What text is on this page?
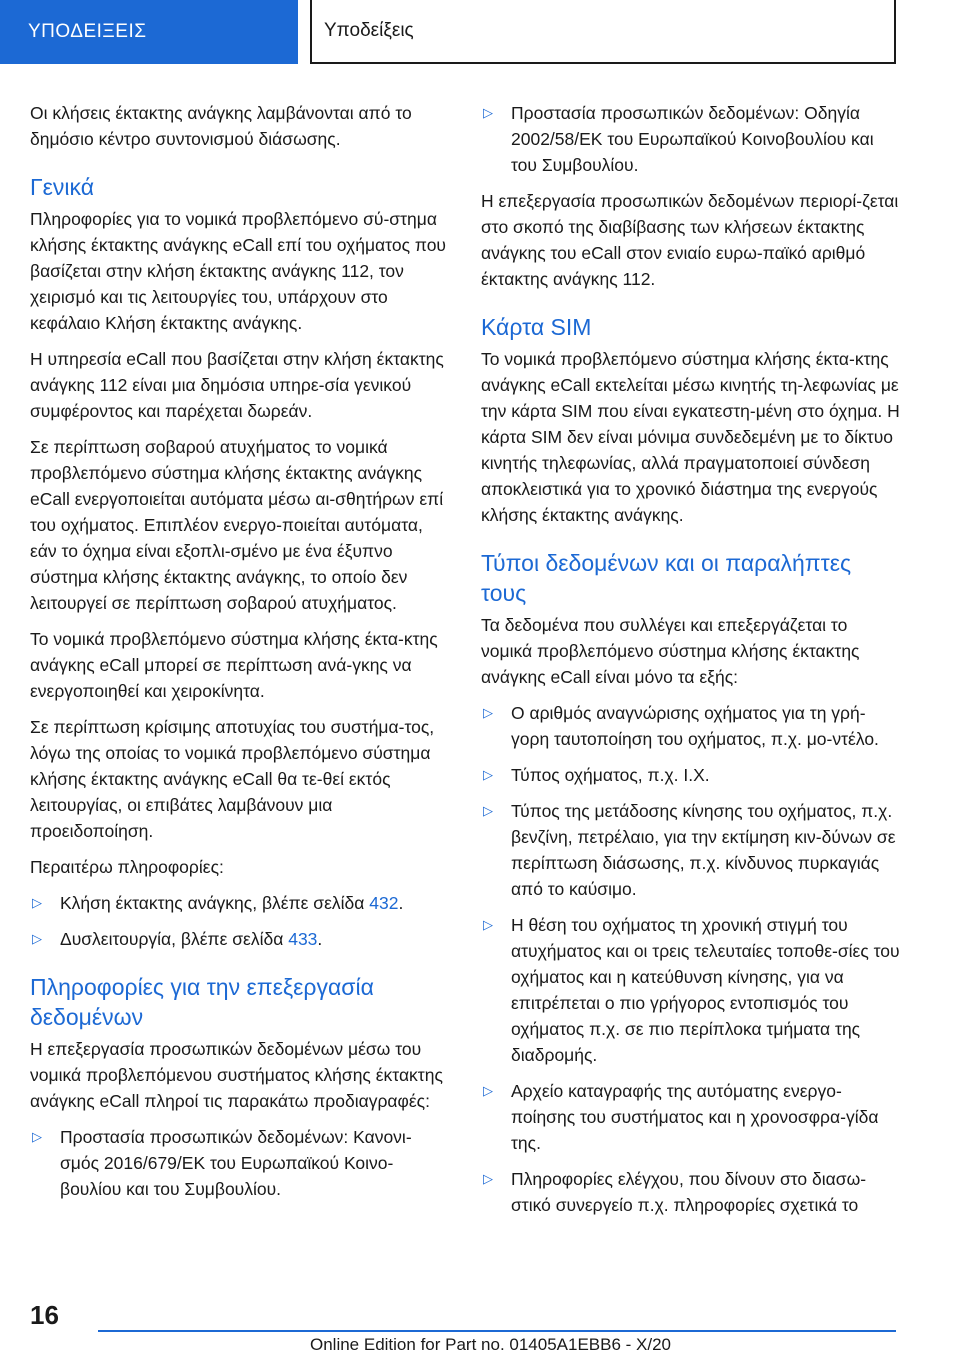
ΥΠΟΔΕΙΞΕΙΣ	Υποδείξεις

Οι κλήσεις έκτακτης ανάγκης λαμβάνονται από το δημόσιο κέντρο συντονισμού διάσωσης.

Γενικά

Πληροφορίες για το νομικά προβλεπόμενο σύ-στημα κλήσης έκτακτης ανάγκης eCall επί του οχήματος που βασίζεται στην κλήση έκτακτης ανάγκης 112, τον χειρισμό και τις λειτουργίες του, υπάρχουν στο κεφάλαιο Κλήση έκτακτης ανάγκης.

Η υπηρεσία eCall που βασίζεται στην κλήση έκτακτης ανάγκης 112 είναι μια δημόσια υπηρε-σία γενικού συμφέροντος και παρέχεται δωρεάν.

Σε περίπτωση σοβαρού ατυχήματος το νομικά προβλεπόμενο σύστημα κλήσης έκτακτης ανάγκης eCall ενεργοποιείται αυτόματα μέσω αι-σθητήρων επί του οχήματος. Επιπλέον ενεργο-ποιείται αυτόματα, εάν το όχημα είναι εξοπλι-σμένο με ένα έξυπνο σύστημα κλήσης έκτακτης ανάγκης, το οποίο δεν λειτουργεί σε περίπτωση σοβαρού ατυχήματος.

Το νομικά προβλεπόμενο σύστημα κλήσης έκτα-κτης ανάγκης eCall μπορεί σε περίπτωση ανά-γκης να ενεργοποιηθεί και χειροκίνητα.

Σε περίπτωση κρίσιμης αποτυχίας του συστήμα-τος, λόγω της οποίας το νομικά προβλεπόμενο σύστημα κλήσης έκτακτης ανάγκης eCall θα τε-θεί εκτός λειτουργίας, οι επιβάτες λαμβάνουν μια προειδοποίηση.

Περαιτέρω πληροφορίες:

▷ Κλήση έκτακτης ανάγκης, βλέπε σελίδα 432.
▷ Δυσλειτουργία, βλέπε σελίδα 433.
Πληροφορίες για την επεξεργασία δεδομένων

Η επεξεργασία προσωπικών δεδομένων μέσω του νομικά προβλεπόμενου συστήματος κλήσης έκτακτης ανάγκης eCall πληροί τις παρακάτω προδιαγραφές:

▷ Προστασία προσωπικών δεδομένων: Κανονι-σμός 2016/679/ΕΚ του Ευρωπαϊκού Κοινο-βουλίου και του Συμβουλίου.
▷ Προστασία προσωπικών δεδομένων: Οδηγία 2002/58/ΕΚ του Ευρωπαϊκού Κοινοβουλίου και του Συμβουλίου.

Η επεξεργασία προσωπικών δεδομένων περιορί-ζεται στο σκοπό της διαβίβασης των κλήσεων έκτακτης ανάγκης του eCall στον ενιαίο ευρω-παϊκό αριθμό έκτακτης ανάγκης 112.

Κάρτα SIM

Το νομικά προβλεπόμενο σύστημα κλήσης έκτα-κτης ανάγκης eCall εκτελείται μέσω κινητής τη-λεφωνίας με την κάρτα SIM που είναι εγκατεστη-μένη στο όχημα. Η κάρτα SIM δεν είναι μόνιμα συνδεδεμένη με το δίκτυο κινητής τηλεφωνίας, αλλά πραγματοποιεί σύνδεση αποκλειστικά για το χρονικό διάστημα της ενεργούς κλήσης έκτακτης ανάγκης.

Τύποι δεδομένων και οι παραλήπτες τους

Τα δεδομένα που συλλέγει και επεξεργάζεται το νομικά προβλεπόμενο σύστημα κλήσης έκτακτης ανάγκης eCall είναι μόνο τα εξής:

▷ Ο αριθμός αναγνώρισης οχήματος για τη γρή-γορη ταυτοποίηση του οχήματος, π.χ. μο-ντέλο.
▷ Τύπος οχήματος, π.χ. Ι.Χ.
▷ Τύπος της μετάδοσης κίνησης του οχήματος, π.χ. βενζίνη, πετρέλαιο, για την εκτίμηση κιν-δύνων σε περίπτωση διάσωσης, π.χ. κίνδυνος πυρκαγιάς από το καύσιμο.
▷ Η θέση του οχήματος τη χρονική στιγμή του ατυχήματος και οι τρεις τελευταίες τοποθε-σίες του οχήματος και η κατεύθυνση κίνησης, για να επιτρέπεται ο πιο γρήγορος εντοπισμός του οχήματος π.χ. σε πιο περίπλοκα τμήματα της διαδρομής.
▷ Αρχείο καταγραφής της αυτόματης ενεργο-ποίησης του συστήματος και η χρονοσφρα-γίδα της.
▷ Πληροφορίες ελέγχου, που δίνουν στο διασω-στικό συνεργείο π.χ. πληροφορίες σχετικά το
16
Online Edition for Part no. 01405A1EBB6 - X/20
